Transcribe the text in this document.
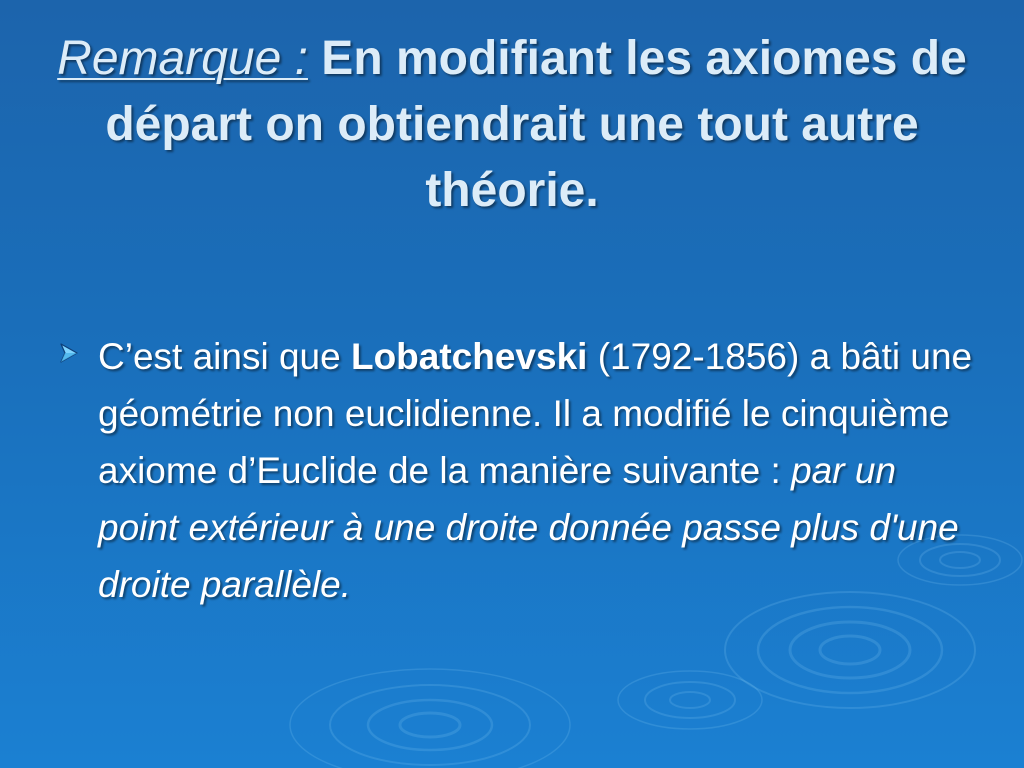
Remarque : En modifiant les axiomes de départ on obtiendrait une tout autre théorie.
C’est ainsi que Lobatchevski (1792-1856) a bâti une géométrie non euclidienne. Il a modifié le cinquième axiome d’Euclide de la manière suivante : par un point extérieur à une droite donnée passe plus d'une droite parallèle.
